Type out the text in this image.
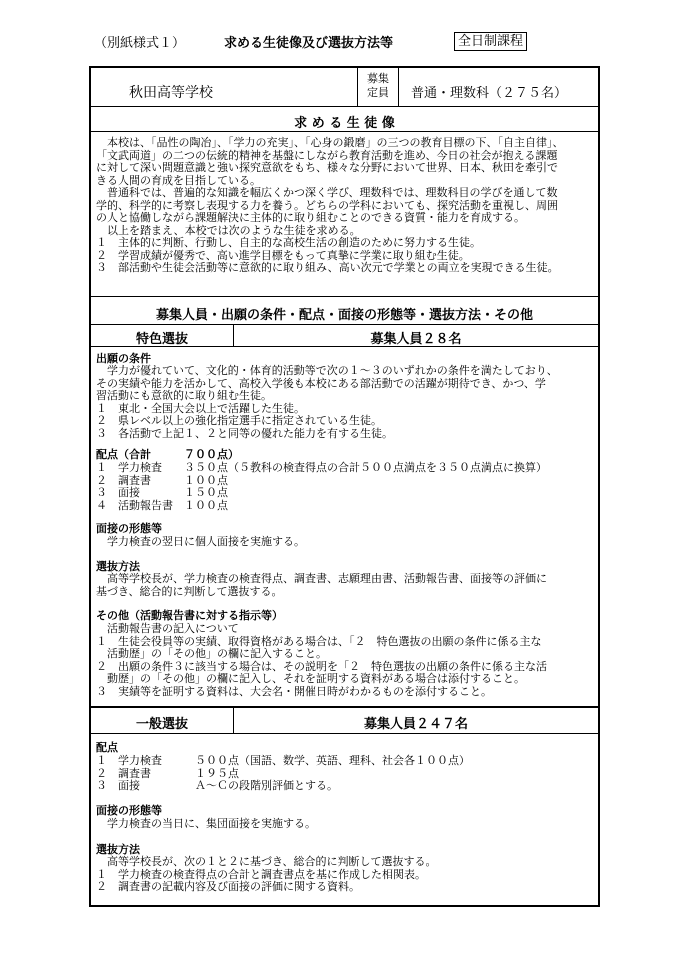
（別紙様式１）	求める生徒像及び選抜方法等	全日制課程
秋田高等学校
募集
定員	普通・理数科（２７５名）
求 め る 生 徒 像
　本校は、「品性の陶冶」、「学力の充実」、「心身の鍛磨」の三つの教育目標の下、「自主自律」、
「文武両道」の二つの伝統的精神を基盤にしながら教育活動を進め、今日の社会が抱える課題
に対して深い問題意識と強い探究意欲をもち、様々な分野において世界、日本、秋田を牽引で
きる人間の育成を目指している。
　普通科では、普遍的な知識を幅広くかつ深く学び、理数科では、理数科目の学びを通して数
学的、科学的に考察し表現する力を養う。どちらの学科においても、探究活動を重視し、周囲
の人と協働しながら課題解決に主体的に取り組むことのできる資質・能力を育成する。
　以上を踏まえ、本校では次のような生徒を求める。
１　主体的に判断、行動し、自主的な高校生活の創造のために努力する生徒。
２　学習成績が優秀で、高い進学目標をもって真摯に学業に取り組む生徒。
３　部活動や生徒会活動等に意欲的に取り組み、高い次元で学業との両立を実現できる生徒。
募集人員・出願の条件・配点・面接の形態等・選抜方法・その他
特色選抜	募集人員２８名
出願の条件
　学力が優れていて、文化的・体育的活動等で次の１～３のいずれかの条件を満たしており、
その実績や能力を活かして、高校入学後も本校にある部活動での活躍が期待でき、かつ、学
習活動にも意欲的に取り組む生徒。
１　東北・全国大会以上で活躍した生徒。
２　県レベル以上の強化指定選手に指定されている生徒。
３　各活動で上記１、２と同等の優れた能力を有する生徒。
配点（合計　　　７００点）
１　学力検査　　３５０点（５教科の検査得点の合計５００点満点を３５０点満点に換算）
２　調査書　　　１００点
３　面接　　　　１５０点
４　活動報告書　１００点
面接の形態等
　学力検査の翌日に個人面接を実施する。
選抜方法
　高等学校長が、学力検査の検査得点、調査書、志願理由書、活動報告書、面接等の評価に
基づき、総合的に判断して選抜する。
その他（活動報告書に対する指示等）
　活動報告書の記入について
１　生徒会役員等の実績、取得資格がある場合は、「２　特色選抜の出願の条件に係る主な
　活動歴」の「その他」の欄に記入すること。
２　出願の条件３に該当する場合は、その説明を「２　特色選抜の出願の条件に係る主な活
　動歴」の「その他」の欄に記入し、それを証明する資料がある場合は添付すること。
３　実績等を証明する資料は、大会名・開催日時がわかるものを添付すること。
一般選抜	募集人員２４７名
配点
１　学力検査　　　５００点（国語、数学、英語、理科、社会各１００点）
２　調査書　　　　１９５点
３　面接　　　　　Ａ～Ｃの段階別評価とする。
面接の形態等
　学力検査の当日に、集団面接を実施する。
選抜方法
　高等学校長が、次の１と２に基づき、総合的に判断して選抜する。
１　学力検査の検査得点の合計と調査書点を基に作成した相関表。
２　調査書の記載内容及び面接の評価に関する資料。
